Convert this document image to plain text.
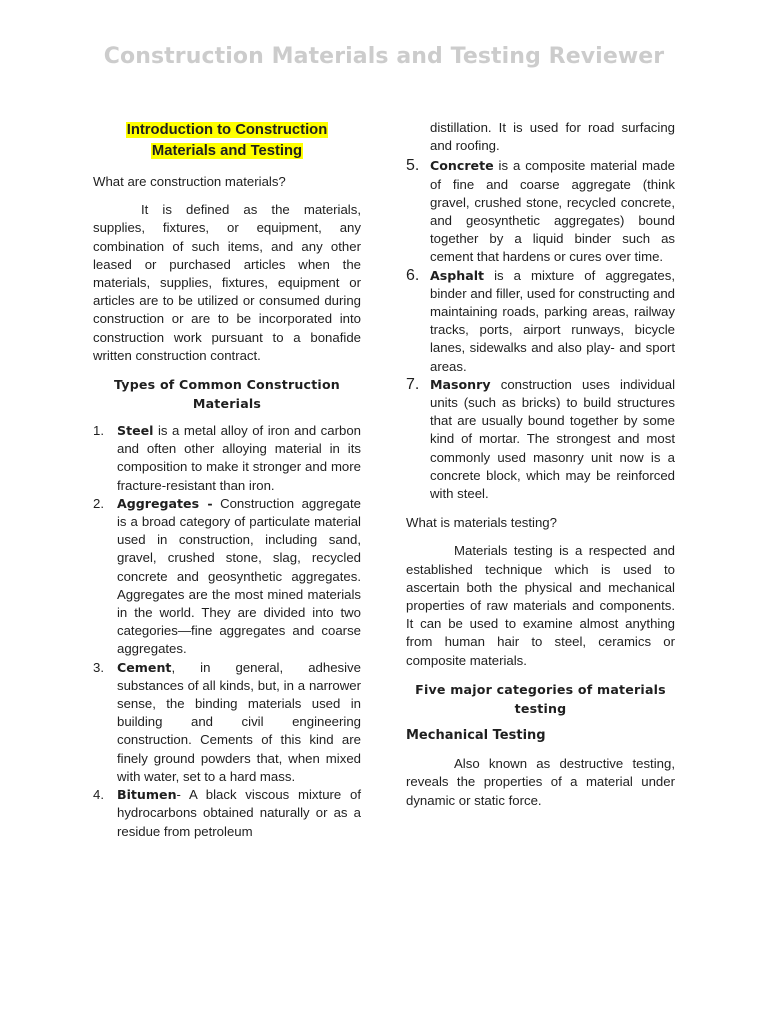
Construction Materials and Testing Reviewer

Introduction to Construction
Materials and Testing

What are construction materials?

It is defined as the materials, supplies, fixtures, or equipment, any combination of such items, and any other leased or purchased articles when the materials, supplies, fixtures, equipment or articles are to be utilized or consumed during construction or are to be incorporated into construction work pursuant to a bonafide written construction contract.

Types of Common Construction Materials

1. Steel is a metal alloy of iron and carbon and often other alloying material in its composition to make it stronger and more fracture-resistant than iron.
2. Aggregates - Construction aggregate is a broad category of particulate material used in construction, including sand, gravel, crushed stone, slag, recycled concrete and geosynthetic aggregates. Aggregates are the most mined materials in the world. They are divided into two categories—fine aggregates and coarse aggregates.
3. Cement, in general, adhesive substances of all kinds, but, in a narrower sense, the binding materials used in building and civil engineering construction. Cements of this kind are finely ground powders that, when mixed with water, set to a hard mass.
4. Bitumen- A black viscous mixture of hydrocarbons obtained naturally or as a residue from petroleum
distillation. It is used for road surfacing and roofing.
5. Concrete is a composite material made of fine and coarse aggregate (think gravel, crushed stone, recycled concrete, and geosynthetic aggregates) bound together by a liquid binder such as cement that hardens or cures over time.
6. Asphalt is a mixture of aggregates, binder and filler, used for constructing and maintaining roads, parking areas, railway tracks, ports, airport runways, bicycle lanes, sidewalks and also play- and sport areas.
7. Masonry construction uses individual units (such as bricks) to build structures that are usually bound together by some kind of mortar. The strongest and most commonly used masonry unit now is a concrete block, which may be reinforced with steel.

What is materials testing?

Materials testing is a respected and established technique which is used to ascertain both the physical and mechanical properties of raw materials and components. It can be used to examine almost anything from human hair to steel, ceramics or composite materials.

Five major categories of materials testing

Mechanical Testing

Also known as destructive testing, reveals the properties of a material under dynamic or static force.
